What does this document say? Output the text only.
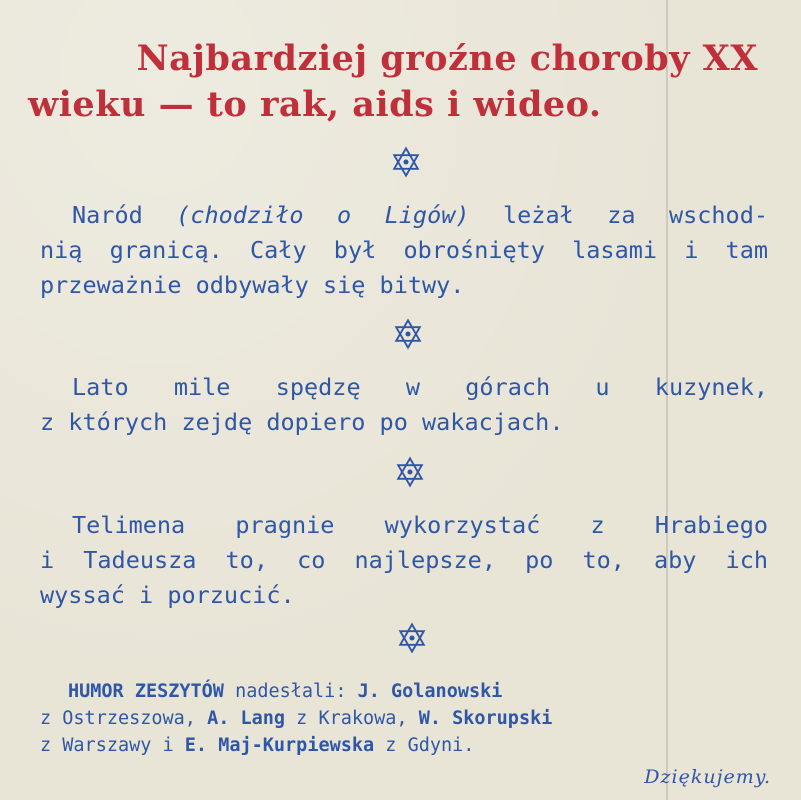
Najbardziej groźne choroby XX
wieku — to rak, aids i wideo.
Naród (chodziło o Ligów) leżał za wschod-
nią granicą. Cały był obrośnięty lasami i tam
przeważnie odbywały się bitwy.
Lato mile spędzę w górach u kuzynek,
z których zejdę dopiero po wakacjach.
Telimena pragnie wykorzystać z Hrabiego
i Tadeusza to, co najlepsze, po to, aby ich
wyssać i porzucić.
HUMOR ZESZYTÓW nadesłali: J. Golanowski
z Ostrzeszowa, A. Lang z Krakowa, W. Skorupski
z Warszawy i E. Maj-Kurpiewska z Gdyni.
Dziękujemy.
